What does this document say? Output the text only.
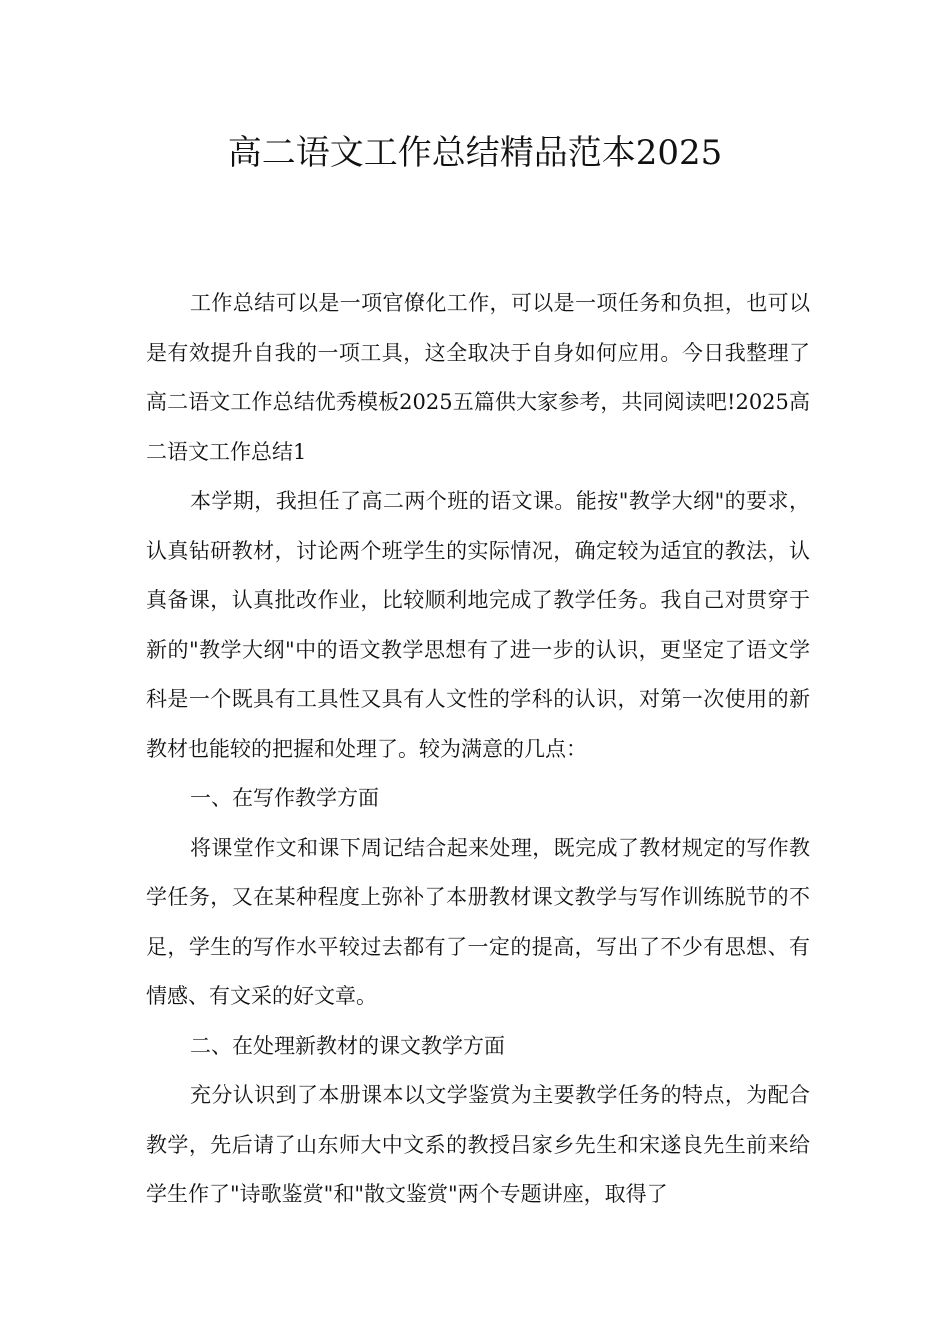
高二语文工作总结精品范本2025

工作总结可以是一项官僚化工作，可以是一项任务和负担，也可以是有效提升自我的一项工具，这全取决于自身如何应用。今日我整理了高二语文工作总结优秀模板2025五篇供大家参考，共同阅读吧!2025高二语文工作总结1

本学期，我担任了高二两个班的语文课。能按"教学大纲"的要求，认真钻研教材，讨论两个班学生的实际情况，确定较为适宜的教法，认真备课，认真批改作业，比较顺利地完成了教学任务。我自己对贯穿于新的"教学大纲"中的语文教学思想有了进一步的认识，更坚定了语文学科是一个既具有工具性又具有人文性的学科的认识，对第一次使用的新教材也能较的把握和处理了。较为满意的几点：

一、在写作教学方面

将课堂作文和课下周记结合起来处理，既完成了教材规定的写作教学任务，又在某种程度上弥补了本册教材课文教学与写作训练脱节的不足，学生的写作水平较过去都有了一定的提高，写出了不少有思想、有情感、有文采的好文章。

二、在处理新教材的课文教学方面

充分认识到了本册课本以文学鉴赏为主要教学任务的特点，为配合教学，先后请了山东师大中文系的教授吕家乡先生和宋遂良先生前来给学生作了"诗歌鉴赏"和"散文鉴赏"两个专题讲座，取得了
